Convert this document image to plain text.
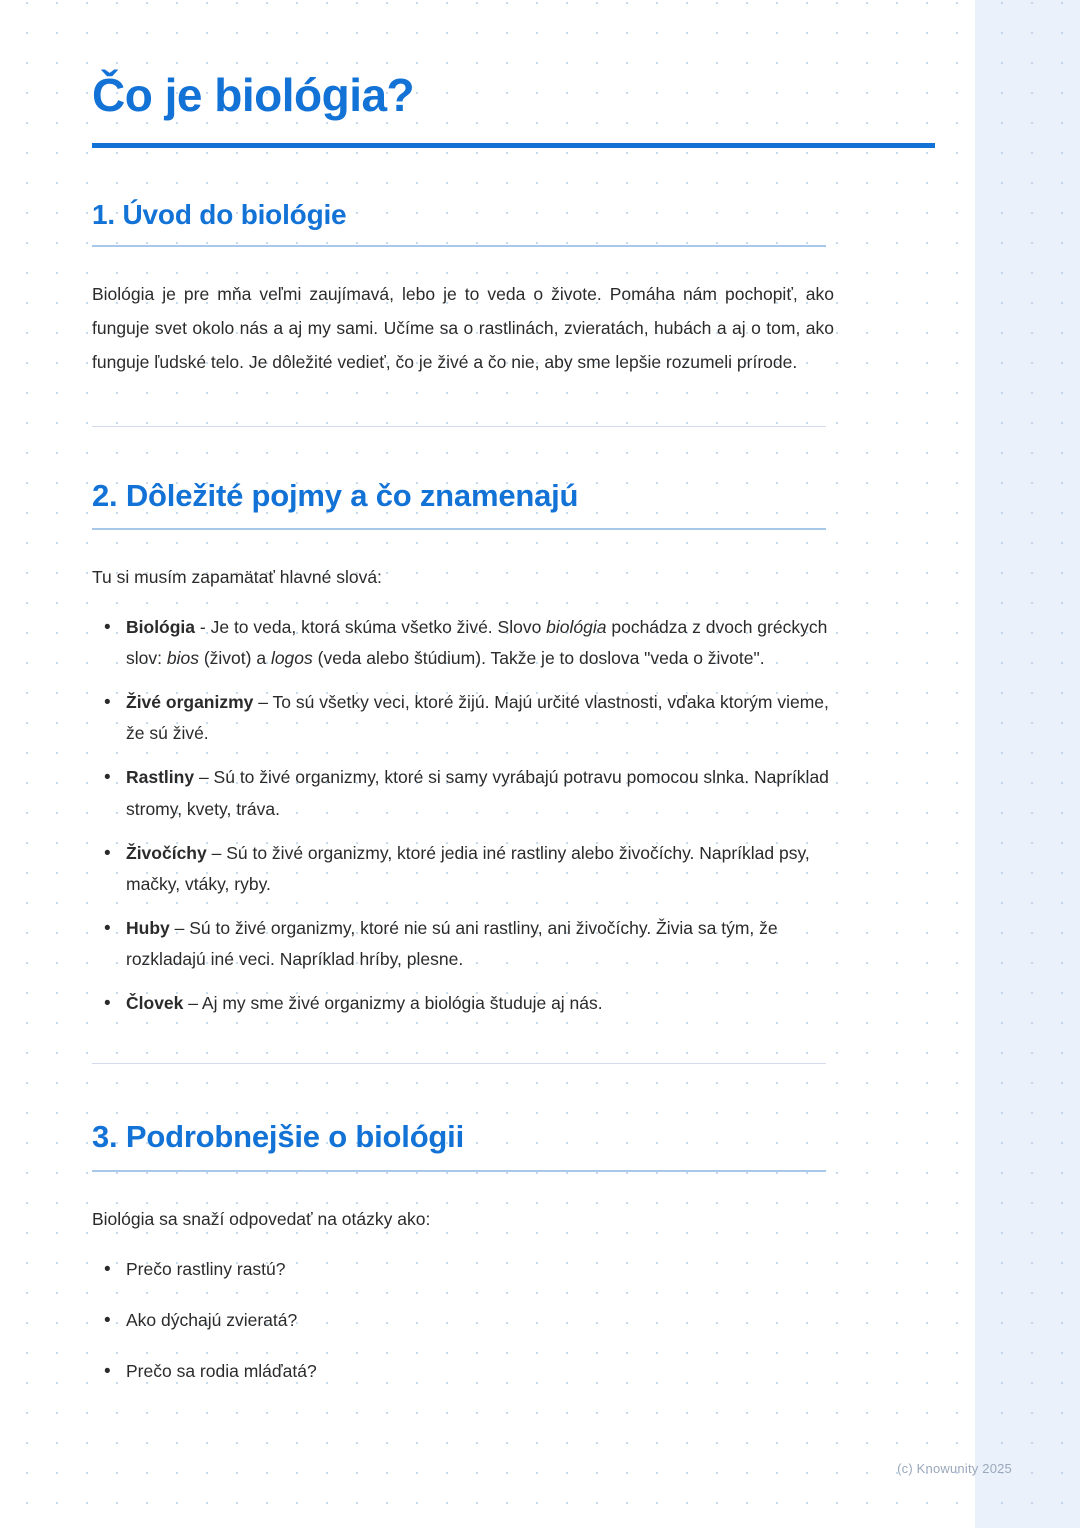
Čo je biológia?
1. Úvod do biológie

Biológia je pre mňa veľmi zaujímavá, lebo je to veda o živote. Pomáha nám pochopiť, ako funguje svet okolo nás a aj my sami. Učíme sa o rastlinách, zvieratách, hubách a aj o tom, ako funguje ľudské telo. Je dôležité vedieť, čo je živé a čo nie, aby sme lepšie rozumeli prírode.

2. Dôležité pojmy a čo znamenajú

Tu si musím zapamätať hlavné slová:

• Biológia - Je to veda, ktorá skúma všetko živé. Slovo biológia pochádza z dvoch gréckych slov: bios (život) a logos (veda alebo štúdium). Takže je to doslova "veda o živote".
• Živé organizmy – To sú všetky veci, ktoré žijú. Majú určité vlastnosti, vďaka ktorým vieme, že sú živé.
• Rastliny – Sú to živé organizmy, ktoré si samy vyrábajú potravu pomocou slnka. Napríklad stromy, kvety, tráva.
• Živočíchy – Sú to živé organizmy, ktoré jedia iné rastliny alebo živočíchy. Napríklad psy, mačky, vtáky, ryby.
• Huby – Sú to živé organizmy, ktoré nie sú ani rastliny, ani živočíchy. Živia sa tým, že rozkladajú iné veci. Napríklad hríby, plesne.
• Človek – Aj my sme živé organizmy a biológia študuje aj nás.
3. Podrobnejšie o biológii

Biológia sa snaží odpovedať na otázky ako:

• Prečo rastliny rastú?
• Ako dýchajú zvieratá?
• Prečo sa rodia mláďatá?
(c) Knowunity 2025
